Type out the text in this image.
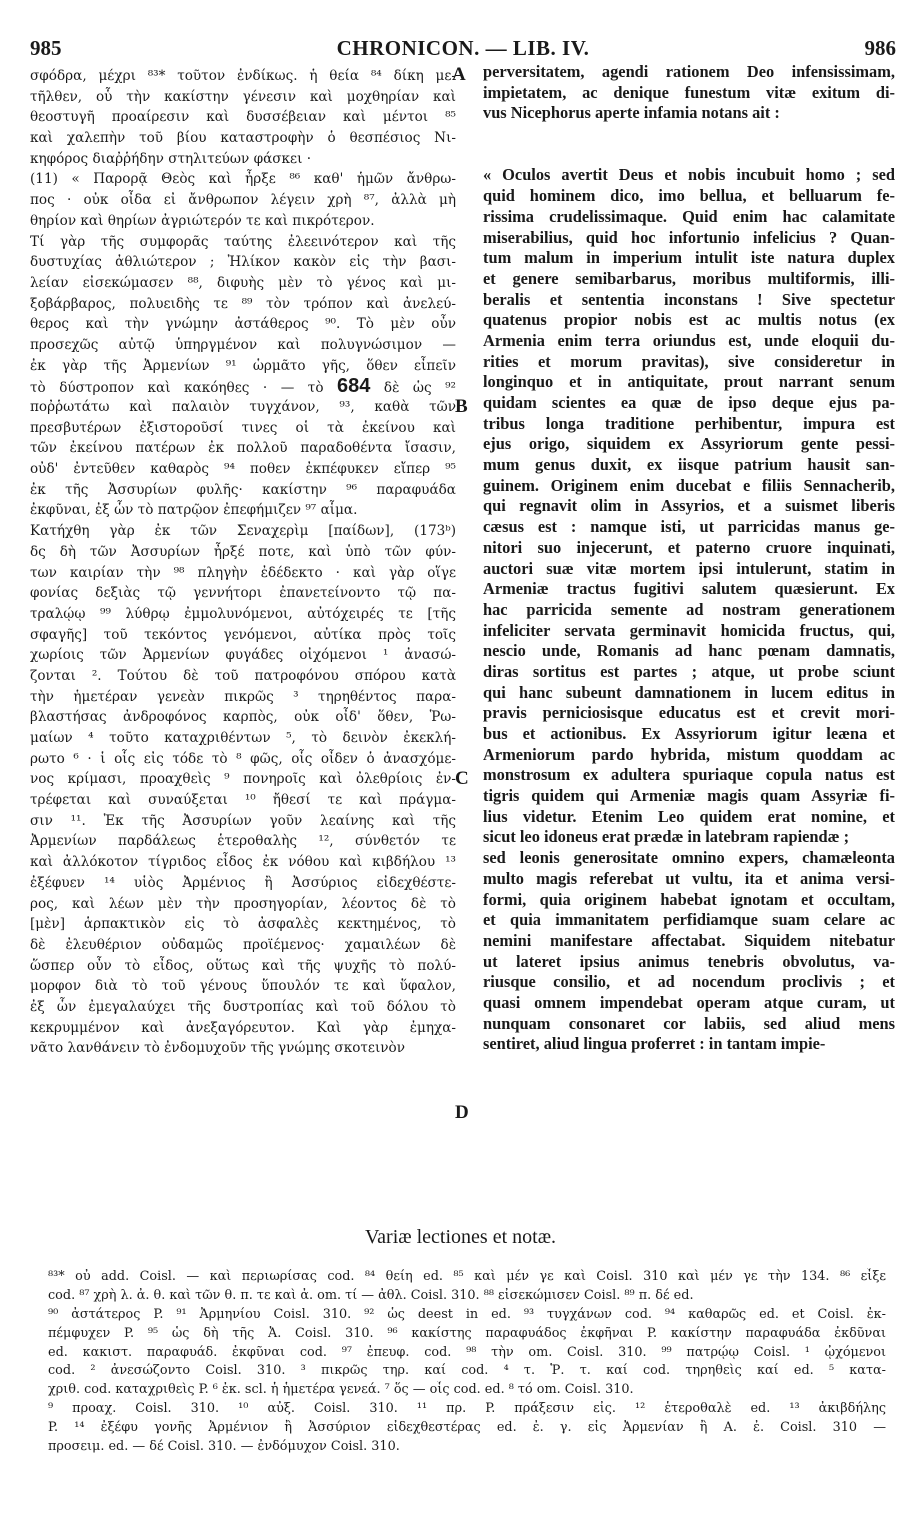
985	CHRONICON. — LIB. IV.	986
σφόδρα, μέχρι ⁸³* τοῦτον ἐνδίκως. ἡ θεία ⁸⁴ δίκη με-
τῆλθεν, οὗ τὴν κακίστην γένεσιν καὶ μοχθηρίαν καὶ
θεοστυγῆ προαίρεσιν καὶ δυσσέβειαν καὶ μέντοι ⁸⁵
καὶ χαλεπὴν τοῦ βίου καταστροφὴν ὁ θεσπέσιος Νι-
κηφόρος διαῤῥήδην στηλιτεύων φάσκει ·
(11) « Παρορᾷ Θεὸς καὶ ἦρξε ⁸⁶ καθ' ἡμῶν ἄνθρω-
πος · οὐκ οἶδα εἰ ἄνθρωπον λέγειν χρὴ ⁸⁷, ἀλλὰ μὴ
θηρίον καὶ θηρίων ἀγριώτερόν τε καὶ πικρότερον.
Τί γὰρ τῆς συμφορᾶς ταύτης ἐλεεινότερον καὶ τῆς
δυστυχίας ἀθλιώτερον ; Ἠλίκον κακὸν εἰς τὴν βασι-
λείαν εἰσεκώμασεν ⁸⁸, διφυὴς μὲν τὸ γένος καὶ μι-
ξοβάρβαρος, πολυειδὴς τε ⁸⁹ τὸν τρόπον καὶ ἀνελεύ-
θερος καὶ τὴν γνώμην ἀστάθερος ⁹⁰. Τὸ μὲν οὖν
προσεχῶς αὐτῷ ὑπηργμένον καὶ πολυγνώσιμον —
ἐκ γὰρ τῆς Ἀρμενίων ⁹¹ ὡρμᾶτο γῆς, ὅθεν εἶπεῖν
τὸ δύστροπον καὶ κακόηθες · — τὸ 684 δὲ ὡς ⁹²
ποῤῥωτάτω καὶ παλαιὸν τυγχάνον, ⁹³, καθὰ τῶν
πρεσβυτέρων ἐξιστοροῦσί τινες οἱ τὰ ἐκείνου καὶ
τῶν ἐκείνου πατέρων ἐκ πολλοῦ παραδοθέντα ἴσασιν,
οὐδ' ἐντεῦθεν καθαρὸς ⁹⁴ ποθεν ἐκπέφυκεν εἴπερ ⁹⁵
ἐκ τῆς Ἀσσυρίων φυλῆς· κακίστην ⁹⁶ παραφυάδα
ἐκφῦναι, ἐξ ὧν τὸ πατρῷον ἐπεφήμιζεν ⁹⁷ αἷμα.
Κατήχθη γὰρ ἐκ τῶν Σεναχερὶμ [παίδων], (173ᵇ)
δς δὴ τῶν Ἀσσυρίων ἦρξέ ποτε, καὶ ὑπὸ τῶν φύν-
των καιρίαν τὴν ⁹⁸ πληγὴν ἐδέδεκτο · καὶ γὰρ οἵγε
φονίας δεξιὰς τῷ γεννήτορι ἐπανετείνοντο τῷ πα-
τραλῴῳ ⁹⁹ λύθρῳ ἐμμολυνόμενοι, αὐτόχειρές τε [τῆς
σφαγῆς] τοῦ τεκόντος γενόμενοι, αὐτίκα πρὸς τοῖς
χωρίοις τῶν Ἀρμενίων φυγάδες οἰχόμενοι ¹ ἀνασώ-
ζονται ². Τούτου δὲ τοῦ πατροφόνου σπόρου κατὰ
τὴν ἡμετέραν γενεὰν πικρῶς ³ τηρηθέντος παρα-
βλαστήσας ἀνδροφόνος καρπὸς, οὐκ οἶδ' ὅθεν, Ῥω-
μαίων ⁴ τοῦτο καταχριθέντων ⁵, τὸ δεινὸν ἐκεκλή-
ρωτο ⁶ · ἱ οἷς εἰς τόδε τὸ ⁸ φῶς, οἷς οἶδεν ὁ ἀνασχόμε-
νος κρίμασι, προαχθεὶς ⁹ πονηροῖς καὶ ὀλεθρίοις ἐν-
τρέφεται καὶ συναύξεται ¹⁰ ἤθεσί τε καὶ πράγμα-
σιν ¹¹. Ἐκ τῆς Ἀσσυρίων γοῦν λεαίνης καὶ τῆς
Ἀρμενίων παρδάλεως ἑτεροθαλὴς ¹², σύνθετόν τε
καὶ ἀλλόκοτον τίγριδος εἶδος ἐκ νόθου καὶ κιβδήλου ¹³
ἐξέφυεν ¹⁴ υἱὸς Ἀρμένιος ἢ Ἀσσύριος εἰδεχθέστε-
ρος, καὶ λέων μὲν τὴν προσηγορίαν, λέοντος δὲ τὸ
[μὲν] ἁρπακτικὸν εἰς τὸ ἀσφαλὲς κεκτημένος, τὸ
δὲ ἐλευθέριον οὐδαμῶς προϊέμενος· χαμαιλέων δὲ
ὥσπερ οὖν τὸ εἶδος, οὕτως καὶ τῆς ψυχῆς τὸ πολύ-
μορφον διὰ τὸ τοῦ γένους ὕπουλόν τε καὶ ὕφαλον,
ἐξ ὧν ἐμεγαλαύχει τῆς δυστροπίας καὶ τοῦ δόλου τὸ
κεκρυμμένον καὶ ἀνεξαγόρευτον. Καὶ γὰρ ἐμηχα-
νᾶτο λανθάνειν τὸ ἐνδομυχοῦν τῆς γνώμης σκοτεινὸν
A
B
C
D
perversitatem, agendi rationem Deo infensissimam,
impietatem, ac denique funestum vitæ exitum di-
vus Nicephorus aperte infamia notans ait :
« Oculos avertit Deus et nobis incubuit homo ; sed
quid hominem dico, imo bellua, et belluarum fe-
rissima crudelissimaque. Quid enim hac calamitate
miserabilius, quid hoc infortunio infelicius ? Quan-
tum malum in imperium intulit iste natura duplex
et genere semibarbarus, moribus multiformis, illi-
beralis et sententia inconstans ! Sive spectetur
quatenus propior nobis est ac multis notus (ex
Armenia enim terra oriundus est, unde eloquii du-
rities et morum pravitas), sive consideretur in
longinquo et in antiquitate, prout narrant senum
quidam scientes ea quæ de ipso deque ejus pa-
tribus longa traditione perhibentur, impura est
ejus origo, siquidem ex Assyriorum gente pessi-
mum genus duxit, ex iisque patrium hausit san-
guinem. Originem enim ducebat e filiis Sennacherib,
qui regnavit olim in Assyrios, et a suismet liberis
cæsus est : namque isti, ut parricidas manus ge-
nitori suo injecerunt, et paterno cruore inquinati,
auctori suæ vitæ mortem ipsi intulerunt, statim in
Armeniæ tractus fugitivi salutem quæsierunt. Ex
hac parricida semente ad nostram generationem
infeliciter servata germinavit homicida fructus, qui,
nescio unde, Romanis ad hanc pœnam damnatis,
diras sortitus est partes ; atque, ut probe sciunt
qui hanc subeunt damnationem in lucem editus in
pravis perniciosisque educatus est et crevit mori-
bus et actionibus. Ex Assyriorum igitur leæna et
Armeniorum pardo hybrida, mistum quoddam ac
monstrosum ex adultera spuriaque copula natus est
tigris quidem qui Armeniæ magis quam Assyriæ fi-
lius videtur. Etenim Leo quidem erat nomine, et
sicut leo idoneus erat prædæ in latebram rapiendæ ;
sed leonis generositate omnino expers, chamæleonta
multo magis referebat ut vultu, ita et anima versi-
formi, quia originem habebat ignotam et occultam,
et quia immanitatem perfidiamque suam celare ac
nemini manifestare affectabat. Siquidem nitebatur
ut lateret ipsius animus tenebris obvolutus, va-
riusque consilio, et ad nocendum proclivis ; et
quasi omnem impendebat operam atque curam, ut
nunquam consonaret cor labiis, sed aliud mens
sentiret, aliud lingua proferret : in tantam impie-
Variæ lectiones et notæ.
⁸³* οὐ add. Coisl. — καὶ περιωρίσας cod. ⁸⁴ θείη ed. ⁸⁵ καὶ μέν γε καὶ Coisl. 310 καὶ μέν γε τὴν 134. ⁸⁶ εἶξε
cod. ⁸⁷ χρὴ λ. ἀ. θ. καὶ τῶν θ. π. τε καὶ ἀ. om. τί — ἀθλ. Coisl. 310. ⁸⁸ εἰσεκώμισεν Coisl. ⁸⁹ π. δέ ed.
⁹⁰ ἀστάτερος P. ⁹¹ Ἀρμηνίου Coisl. 310. ⁹² ὡς deest in ed. ⁹³ τυγχάνων cod. ⁹⁴ καθαρῶς ed. et Coisl. ἐκ-
πέμφυχεν P. ⁹⁵ ὡς δὴ τῆς Ἀ. Coisl. 310. ⁹⁶ κακίστης παραφυάδος ἐκφῆναι P. κακίστην παραφυάδα ἐκδῦναι
ed. κακιστ. παραφυάδ. ἐκφῦναι cod. ⁹⁷ ἐπευφ. cod. ⁹⁸ τὴν om. Coisl. 310. ⁹⁹ πατρῴῳ Coisl. ¹ ᾠχόμενοι
cod. ² ἀνεσώζοντο Coisl. 310. ³ πικρῶς τηρ. καί cod. ⁴ τ. Ῥ. τ. καί cod. τηρηθεὶς καί ed. ⁵ κατα-
χριθ. cod. καταχριθεὶς P. ⁶ ἐκ. scl. ἡ ἡμετέρα γενεά. ⁷ ὅς — οἷς cod. ed. ⁸ τό om. Coisl. 310.
⁹ προαχ. Coisl. 310. ¹⁰ αὐξ. Coisl. 310. ¹¹ πρ. P. πράξεσιν εἰς. ¹² ἑτεροθαλὲ ed. ¹³ ἀκιβδήλης
P. ¹⁴ ἐξέφυ γονῆς Ἀρμένιον ἢ Ἀσσύριον εἰδεχθεστέρας ed. ἐ. γ. εἰς Ἀρμενίαν ἢ Α. ἐ. Coisl. 310 —
προσειμ. ed. — δέ Coisl. 310. — ἐνδόμυχον Coisl. 310.
